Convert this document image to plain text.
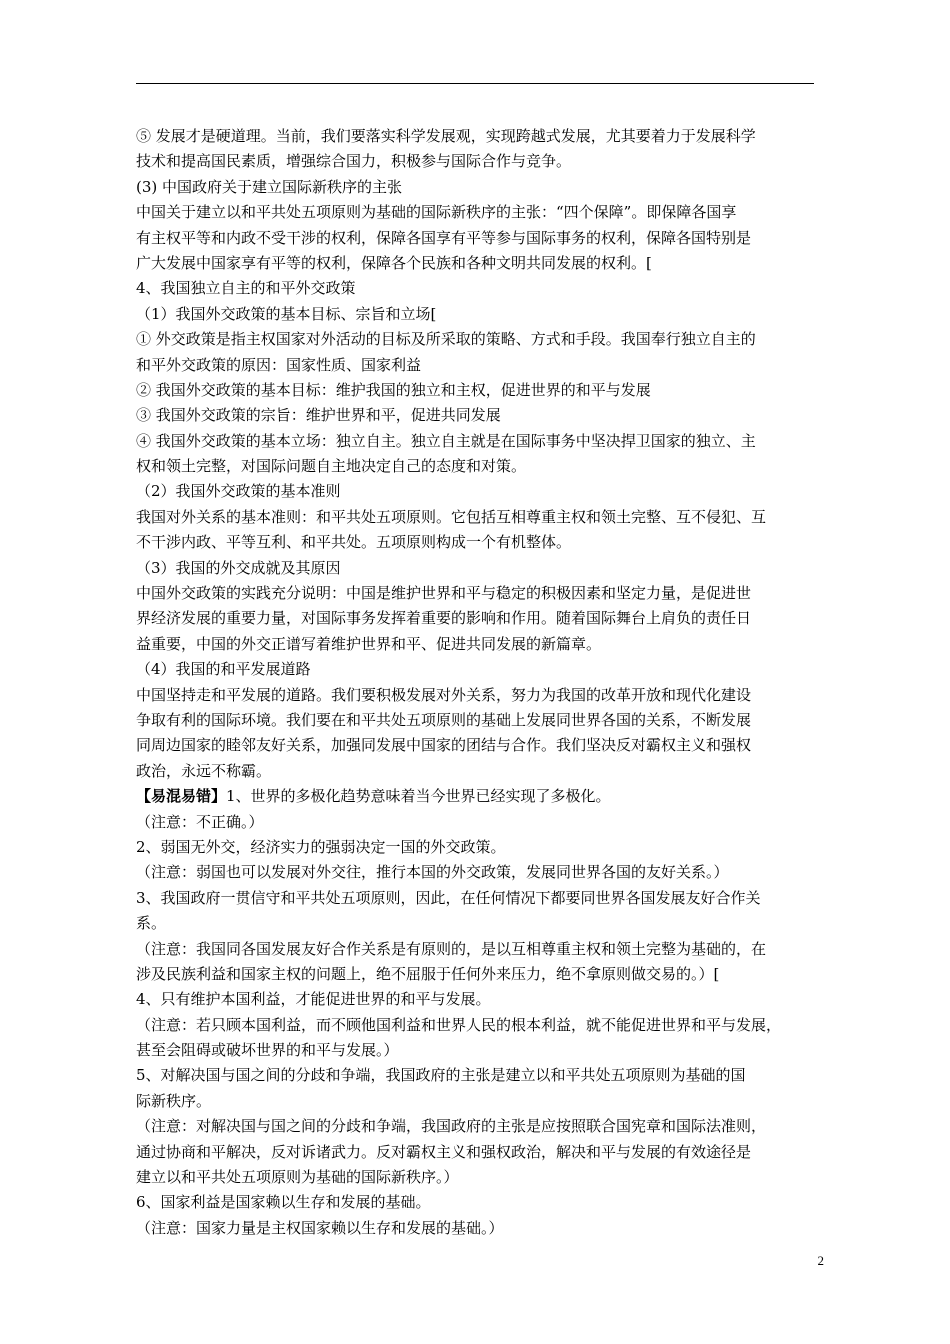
⑤ 发展才是硬道理。当前，我们要落实科学发展观，实现跨越式发展，尤其要着力于发展科学
技术和提高国民素质，增强综合国力，积极参与国际合作与竞争。
(3) 中国政府关于建立国际新秩序的主张
中国关于建立以和平共处五项原则为基础的国际新秩序的主张：“四个保障”。即保障各国享
有主权平等和内政不受干涉的权利，保障各国享有平等参与国际事务的权利，保障各国特别是
广大发展中国家享有平等的权利，保障各个民族和各种文明共同发展的权利。[
4、我国独立自主的和平外交政策
（1）我国外交政策的基本目标、宗旨和立场[
① 外交政策是指主权国家对外活动的目标及所采取的策略、方式和手段。我国奉行独立自主的
和平外交政策的原因：国家性质、国家利益
② 我国外交政策的基本目标：维护我国的独立和主权，促进世界的和平与发展
③ 我国外交政策的宗旨：维护世界和平，促进共同发展
④ 我国外交政策的基本立场：独立自主。独立自主就是在国际事务中坚决捍卫国家的独立、主
权和领土完整，对国际问题自主地决定自己的态度和对策。
（2）我国外交政策的基本准则
我国对外关系的基本准则：和平共处五项原则。它包括互相尊重主权和领土完整、互不侵犯、互
不干涉内政、平等互利、和平共处。五项原则构成一个有机整体。
（3）我国的外交成就及其原因
中国外交政策的实践充分说明：中国是维护世界和平与稳定的积极因素和坚定力量，是促进世
界经济发展的重要力量，对国际事务发挥着重要的影响和作用。随着国际舞台上肩负的责任日
益重要，中国的外交正谱写着维护世界和平、促进共同发展的新篇章。
（4）我国的和平发展道路
中国坚持走和平发展的道路。我们要积极发展对外关系，努力为我国的改革开放和现代化建设
争取有利的国际环境。我们要在和平共处五项原则的基础上发展同世界各国的关系，不断发展
同周边国家的睦邻友好关系，加强同发展中国家的团结与合作。我们坚决反对霸权主义和强权
政治，永远不称霸。
【易混易错】1、世界的多极化趋势意味着当今世界已经实现了多极化。
（注意：不正确。）
2、弱国无外交，经济实力的强弱决定一国的外交政策。
（注意：弱国也可以发展对外交往，推行本国的外交政策，发展同世界各国的友好关系。）
3、我国政府一贯信守和平共处五项原则，因此，在任何情况下都要同世界各国发展友好合作关
系。
（注意：我国同各国发展友好合作关系是有原则的，是以互相尊重主权和领土完整为基础的，在
涉及民族利益和国家主权的问题上，绝不屈服于任何外来压力，绝不拿原则做交易的。）[
4、只有维护本国利益，才能促进世界的和平与发展。
（注意：若只顾本国利益，而不顾他国利益和世界人民的根本利益，就不能促进世界和平与发展，
甚至会阻碍或破坏世界的和平与发展。）
5、对解决国与国之间的分歧和争端，我国政府的主张是建立以和平共处五项原则为基础的国
际新秩序。
（注意：对解决国与国之间的分歧和争端，我国政府的主张是应按照联合国宪章和国际法准则，
通过协商和平解决，反对诉诸武力。反对霸权主义和强权政治，解决和平与发展的有效途径是
建立以和平共处五项原则为基础的国际新秩序。）
6、国家利益是国家赖以生存和发展的基础。
（注意：国家力量是主权国家赖以生存和发展的基础。）
2
